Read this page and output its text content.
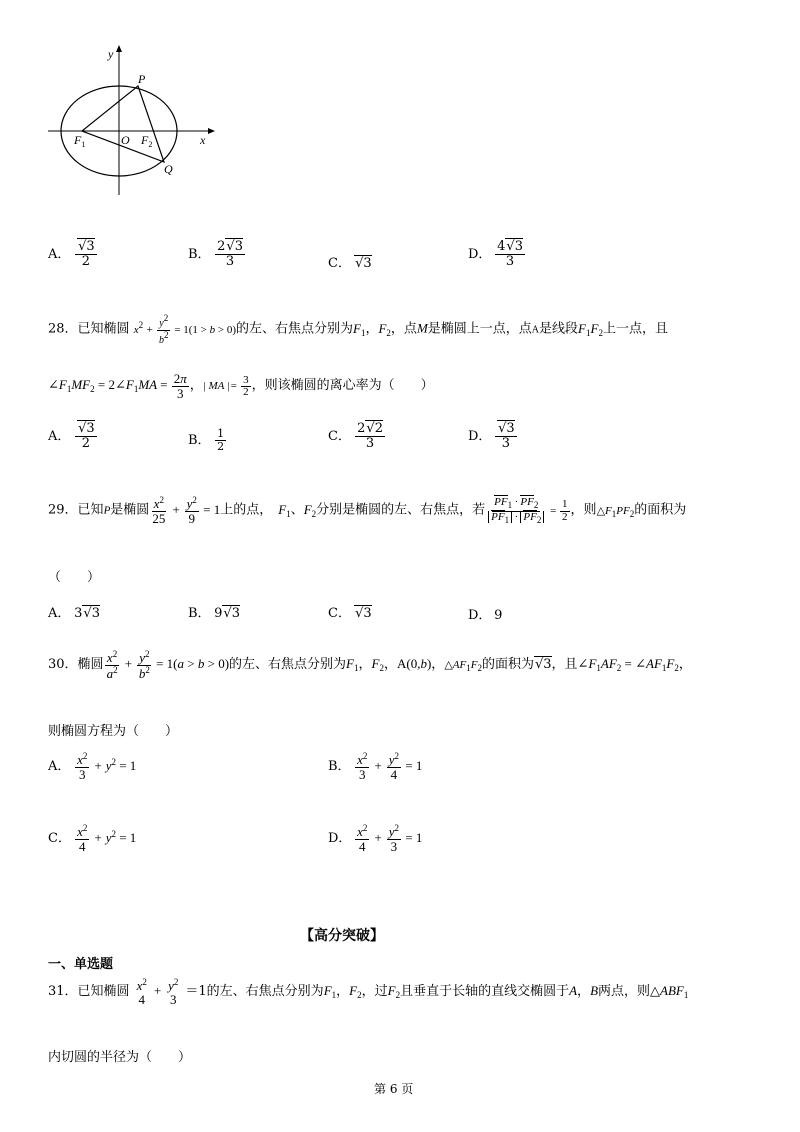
y
x
P
O
$F_1$	$F_2$
Q
A． $\frac{√3}{2}$	B． $\frac{2√3}{3}$	C． √3
D． $\frac{4√3}{3}$
28．已知椭圆 $x^2 + \frac{y2}{b2} = 1(1 > b > 0)$的左、右焦点分别为$F_1$，$F_2$，点M是椭圆上一点，点A是线段$F_1F_2$上一点，且
$\angle F_1MF_2$ = $2\angle F_1MA = \frac{2\pi}{3}$ ，| MA |= $\frac{3}{2}$ ，则该椭圆的离心率为（　　）
A． $\frac{√3}{2}$	B． $\frac{1}{2}$	C． $\frac{2√2}{3}$	D． $\frac{√3}{3}$
29．已知P是椭圆 $\frac{x^2}{25} + \frac{y^2}{9} = 1$上的点， $F_1$、$F_2$分别是椭圆的左、右焦点，若 $\frac{PF_1 \cdot PF_2}{PF_1 \cdot PF_2} = \frac{1}{2}$ ，则$\triangle F_1PF_2$的面积为
（　　）
A． 3√3	B． 9√3	C． √3	D． 9
30．椭圆 $\frac{x^2}{a^2} + \frac{y^2}{b^2} = 1(a > b > 0)$的左、右焦点分别为$F_1$，$F_2$，A(0,b)，$\triangle AF_1F_2$的面积为√3，且$\angle F_1AF_2$ = $\angle AF_1F_2$，
则椭圆方程为（　　）
A． $\frac{x^2}{3} + y^2 = 1$	B． $\frac{x^2}{3} + \frac{y^2}{4} = 1$
C． $\frac{x^2}{4} + y^2 = 1$	D． $\frac{x^2}{4} + \frac{y^2}{3} = 1$
【高分突破】
一、单选题
31．已知椭圆 $x^2$
4
+ $y^2$
3
＝1的左、右焦点分别为$F_1$，$F_2$，过$F_2$且垂直于长轴的直线交椭圆于A，B两点，则$\triangle ABF_1$
内切圆的半径为（　　）
第 6 页
